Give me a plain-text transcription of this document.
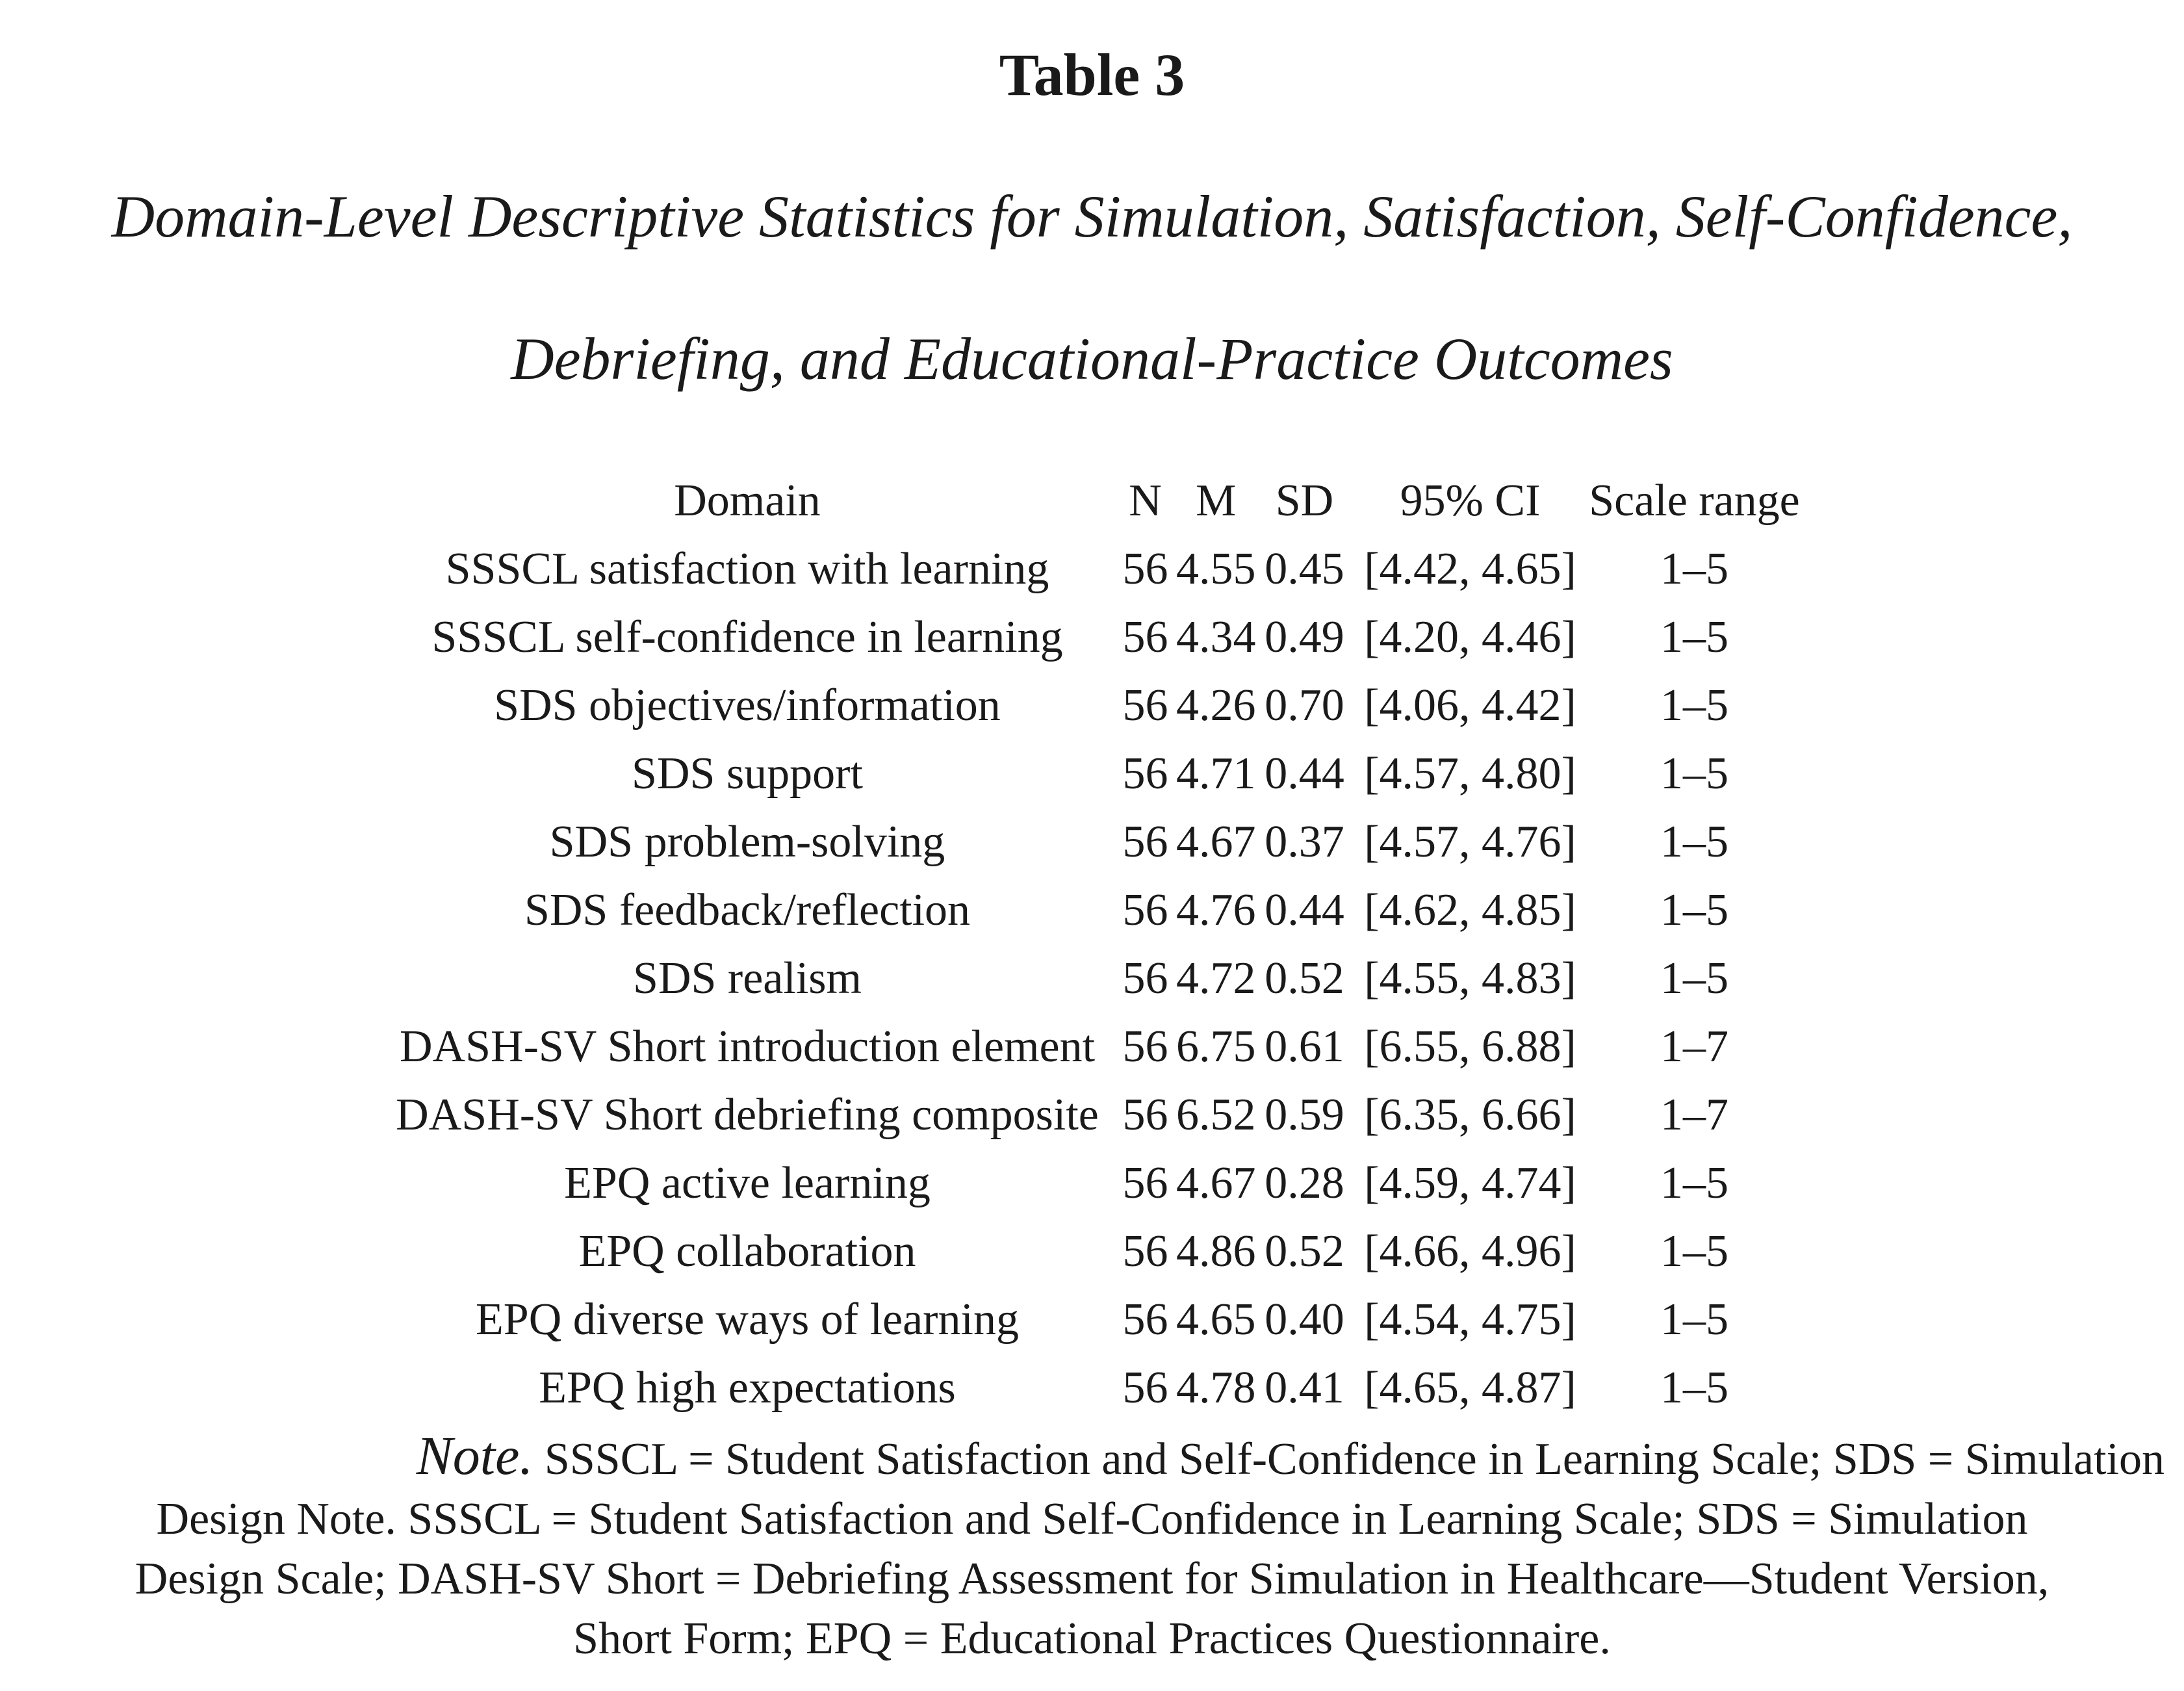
Table 3
Domain-Level Descriptive Statistics for Simulation, Satisfaction, Self-Confidence,
Debriefing, and Educational-Practice Outcomes
Domain	N	M	SD	95% CI	Scale range
SSSCL satisfaction with learning	56	4.55	0.45	[4.42, 4.65]	1–5
SSSCL self-confidence in learning	56	4.34	0.49	[4.20, 4.46]	1–5
SDS objectives/information	56	4.26	0.70	[4.06, 4.42]	1–5
SDS support	56	4.71	0.44	[4.57, 4.80]	1–5
SDS problem-solving	56	4.67	0.37	[4.57, 4.76]	1–5
SDS feedback/reflection	56	4.76	0.44	[4.62, 4.85]	1–5
SDS realism	56	4.72	0.52	[4.55, 4.83]	1–5
DASH-SV Short introduction element	56	6.75	0.61	[6.55, 6.88]	1–7
DASH-SV Short debriefing composite	56	6.52	0.59	[6.35, 6.66]	1–7
EPQ active learning	56	4.67	0.28	[4.59, 4.74]	1–5
EPQ collaboration	56	4.86	0.52	[4.66, 4.96]	1–5
EPQ diverse ways of learning	56	4.65	0.40	[4.54, 4.75]	1–5
EPQ high expectations	56	4.78	0.41	[4.65, 4.87]	1–5
Note. SSSCL = Student Satisfaction and Self-Confidence in Learning Scale; SDS = Simulation
Design Note. SSSCL = Student Satisfaction and Self-Confidence in Learning Scale; SDS = Simulation
Design Scale; DASH-SV Short = Debriefing Assessment for Simulation in Healthcare—Student Version,
Short Form; EPQ = Educational Practices Questionnaire.
